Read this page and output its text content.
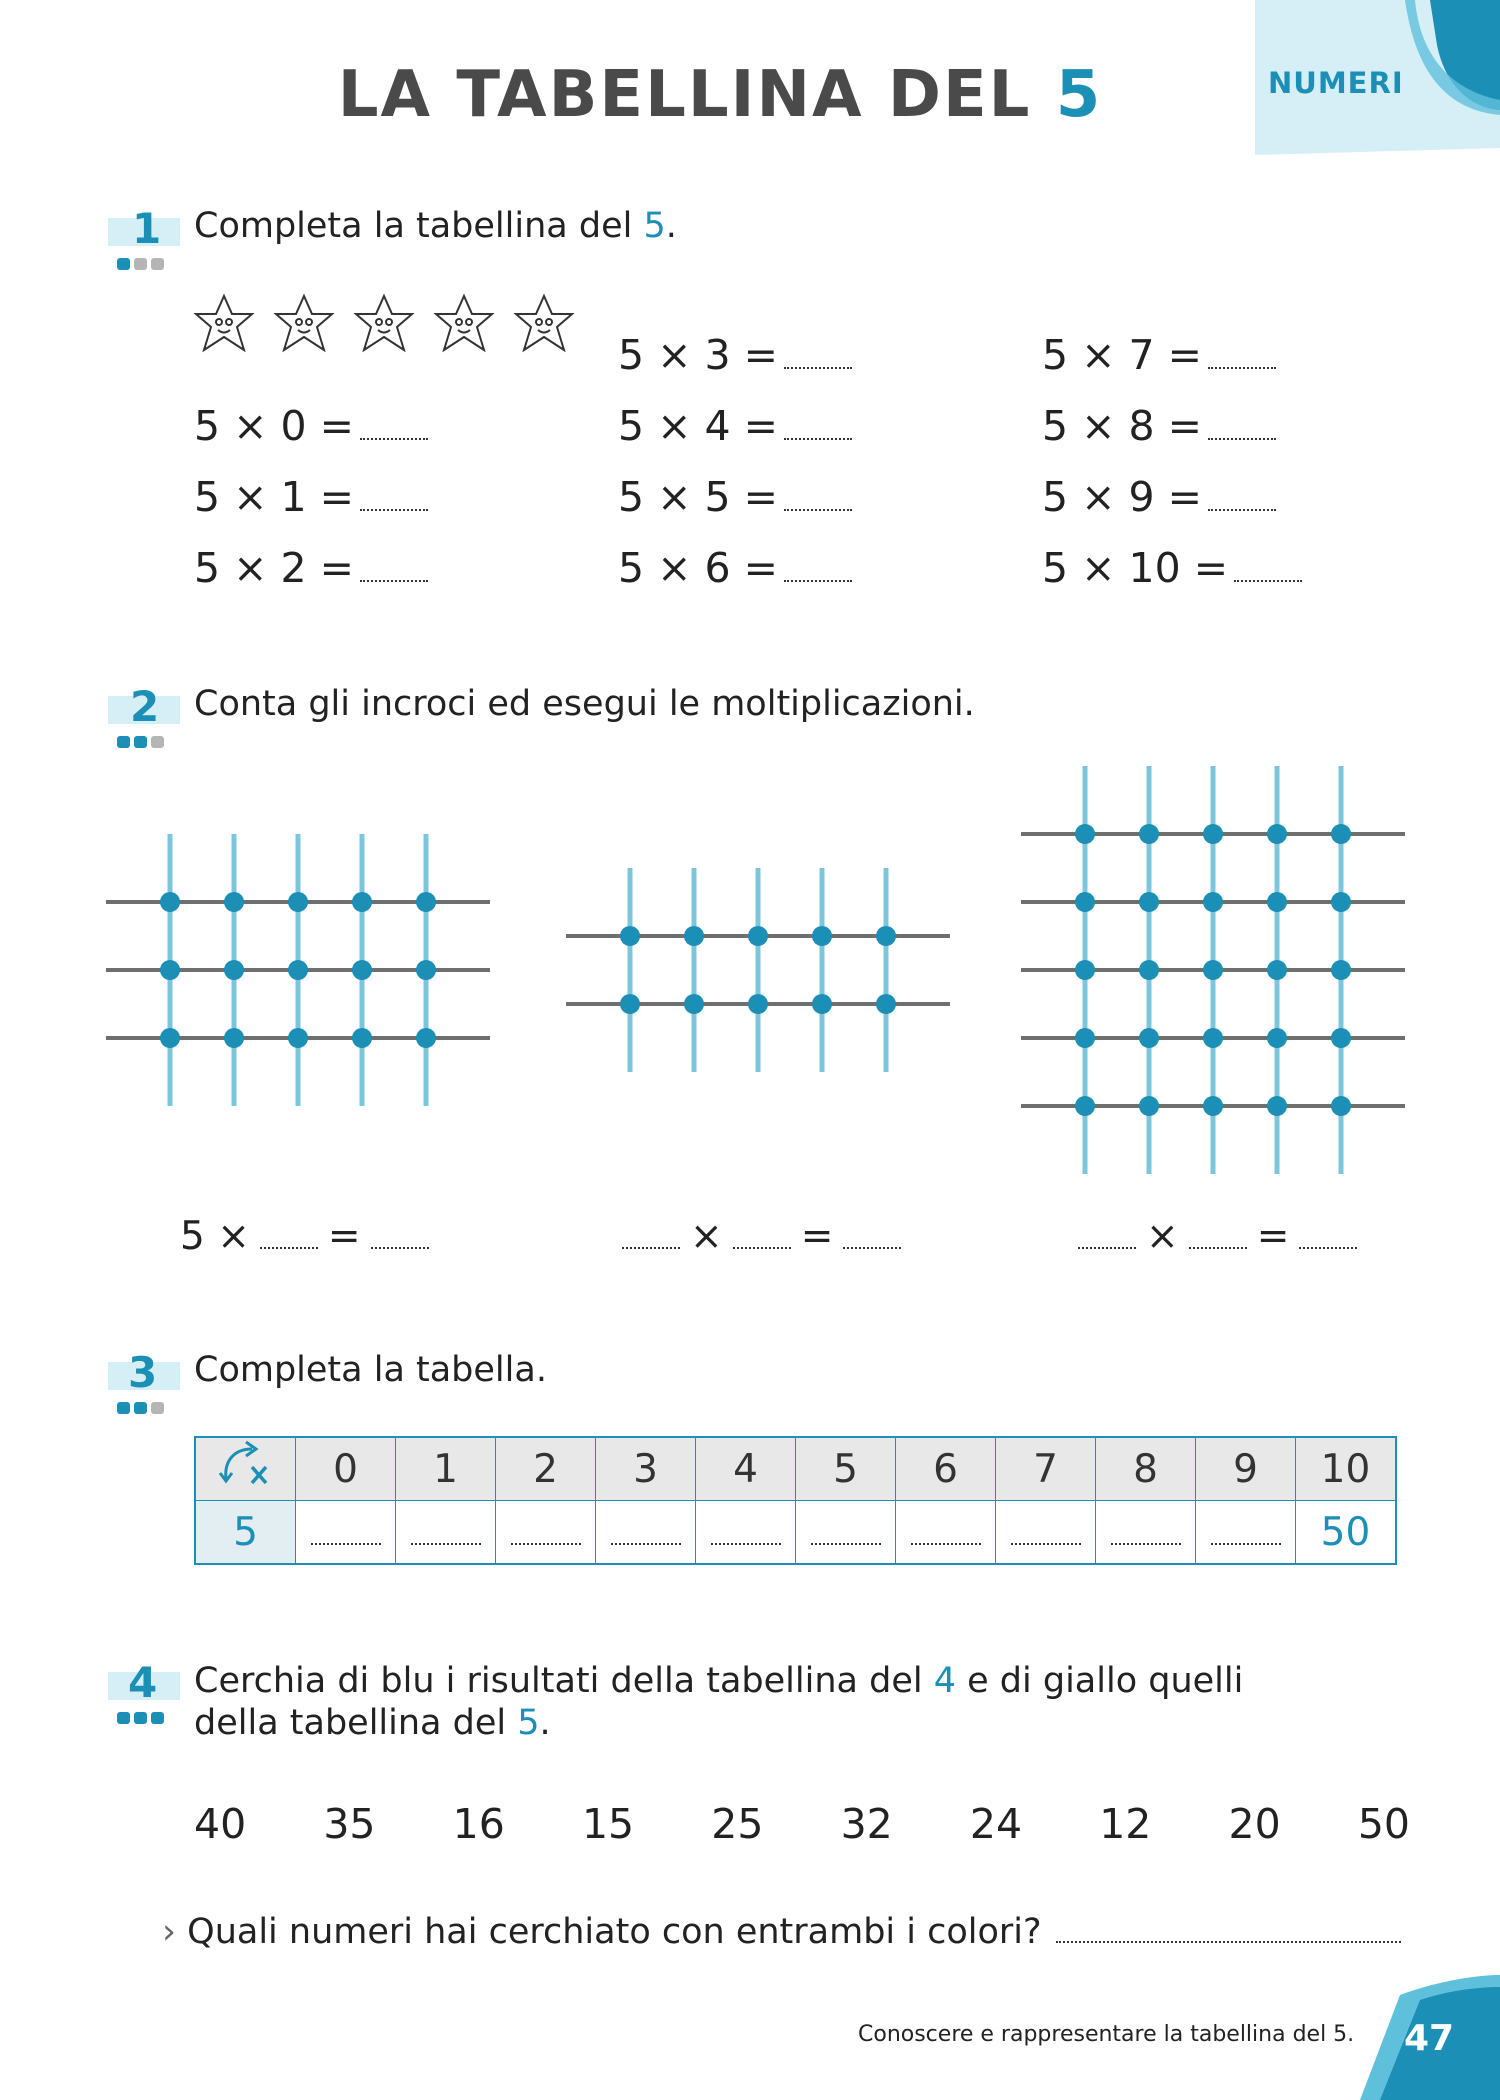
LA TABELLINA DEL 5	NUMERI
1 Completa la tabellina del 5.
5 × 0 =
5 × 1 =
5 × 2 =
5 × 3 =
5 × 4 =
5 × 5 =
5 × 6 =
5 × 7 =
5 × 8 =
5 × 9 =
5 × 10 =
2 Conta gli incroci ed esegui le moltiplicazioni.
5 × =	× =	× =
3	Completa la tabella.
	0	1	2	3	4	5	6	7	8	9	10
5											50
4	Cerchia di blu i risultati della tabellina del 4 e di giallo quelli
della tabellina del 5.
40 35 16 15 25 32 24 12 20 50
› Quali numeri hai cerchiato con entrambi i colori?
Conoscere e rappresentare la tabellina del 5. 47
